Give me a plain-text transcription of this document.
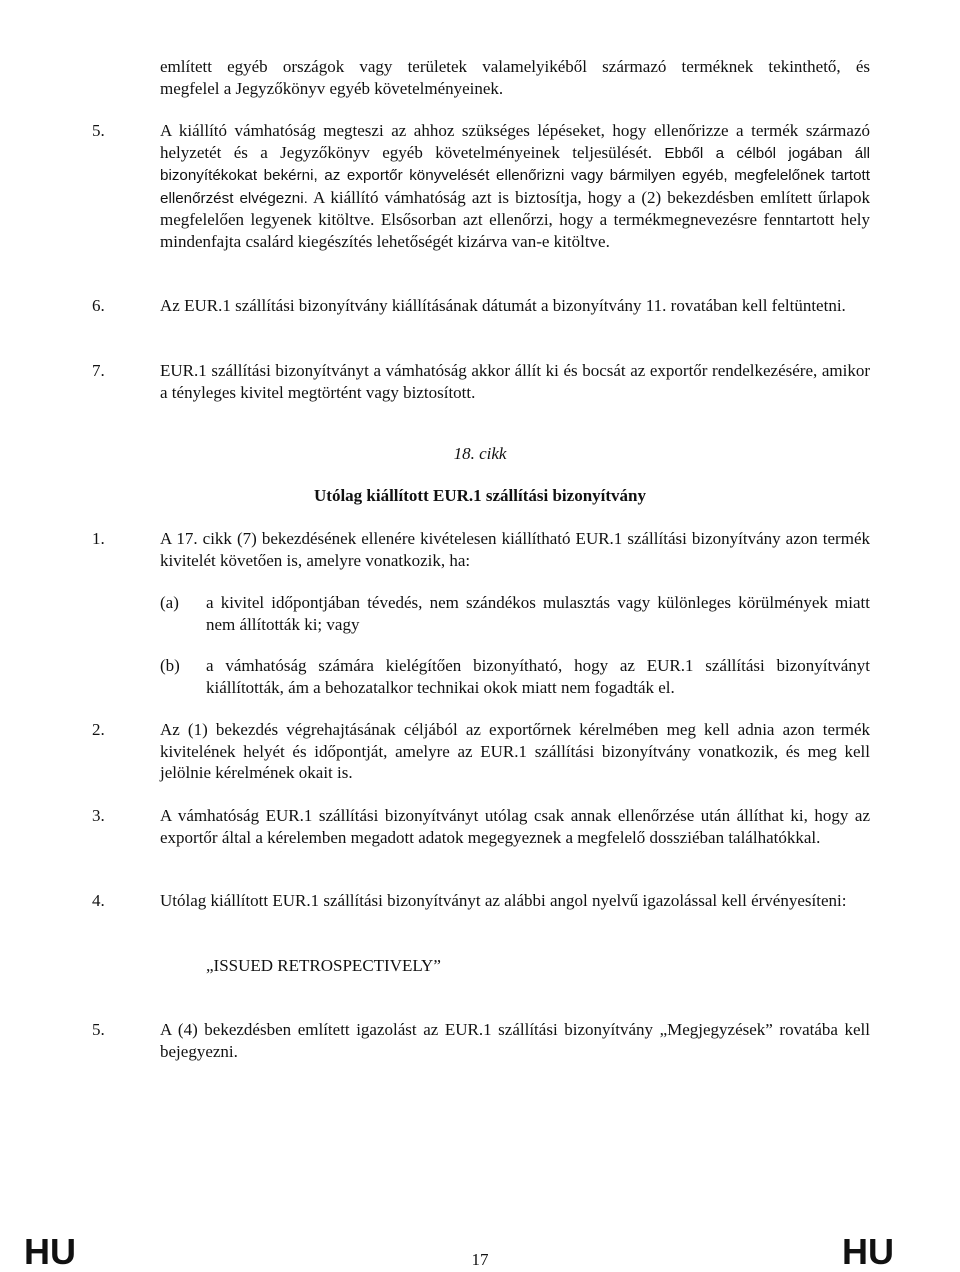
említett egyéb országok vagy területek valamelyikéből származó terméknek tekinthető, és
megfelel a Jegyzőkönyv egyéb követelményeinek.
5.	A kiállító vámhatóság megteszi az ahhoz szükséges lépéseket, hogy ellenőrizze a termék származó helyzetét és a Jegyzőkönyv egyéb követelményeinek teljesülését. Ebből a célból jogában áll bizonyítékokat bekérni, az exportőr könyvelését ellenőrizni vagy bármilyen egyéb, megfelelőnek tartott ellenőrzést elvégezni. A kiállító vámhatóság azt is biztosítja, hogy a (2) bekezdésben említett űrlapok megfelelően legyenek kitöltve. Elsősorban azt ellenőrzi, hogy a termékmegnevezésre fenntartott hely mindenfajta csalárd kiegészítés lehetőségét kizárva van-e kitöltve.
6.	Az EUR.1 szállítási bizonyítvány kiállításának dátumát a bizonyítvány 11. rovatában kell feltüntetni.
7.	EUR.1 szállítási bizonyítványt a vámhatóság akkor állít ki és bocsát az exportőr rendelkezésére, amikor a tényleges kivitel megtörtént vagy biztosított.
18. cikk
Utólag kiállított EUR.1 szállítási bizonyítvány
1.	A 17. cikk (7) bekezdésének ellenére kivételesen kiállítható EUR.1 szállítási bizonyítvány azon termék kivitelét követően is, amelyre vonatkozik, ha:
(a) a kivitel időpontjában tévedés, nem szándékos mulasztás vagy különleges körülmények miatt nem állították ki; vagy
(b) a vámhatóság számára kielégítően bizonyítható, hogy az EUR.1 szállítási bizonyítványt kiállították, ám a behozatalkor technikai okok miatt nem fogadták el.
2.	Az (1) bekezdés végrehajtásának céljából az exportőrnek kérelmében meg kell adnia azon termék kivitelének helyét és időpontját, amelyre az EUR.1 szállítási bizonyítvány vonatkozik, és meg kell jelölnie kérelmének okait is.
3.	A vámhatóság EUR.1 szállítási bizonyítványt utólag csak annak ellenőrzése után állíthat ki, hogy az exportőr által a kérelemben megadott adatok megegyeznek a megfelelő dossziéban találhatókkal.
4.	Utólag kiállított EUR.1 szállítási bizonyítványt az alábbi angol nyelvű igazolással kell érvényesíteni:
„ISSUED RETROSPECTIVELY”
5.	A (4) bekezdésben említett igazolást az EUR.1 szállítási bizonyítvány „Megjegyzések” rovatába kell bejegyezni.
HU	17	HU
